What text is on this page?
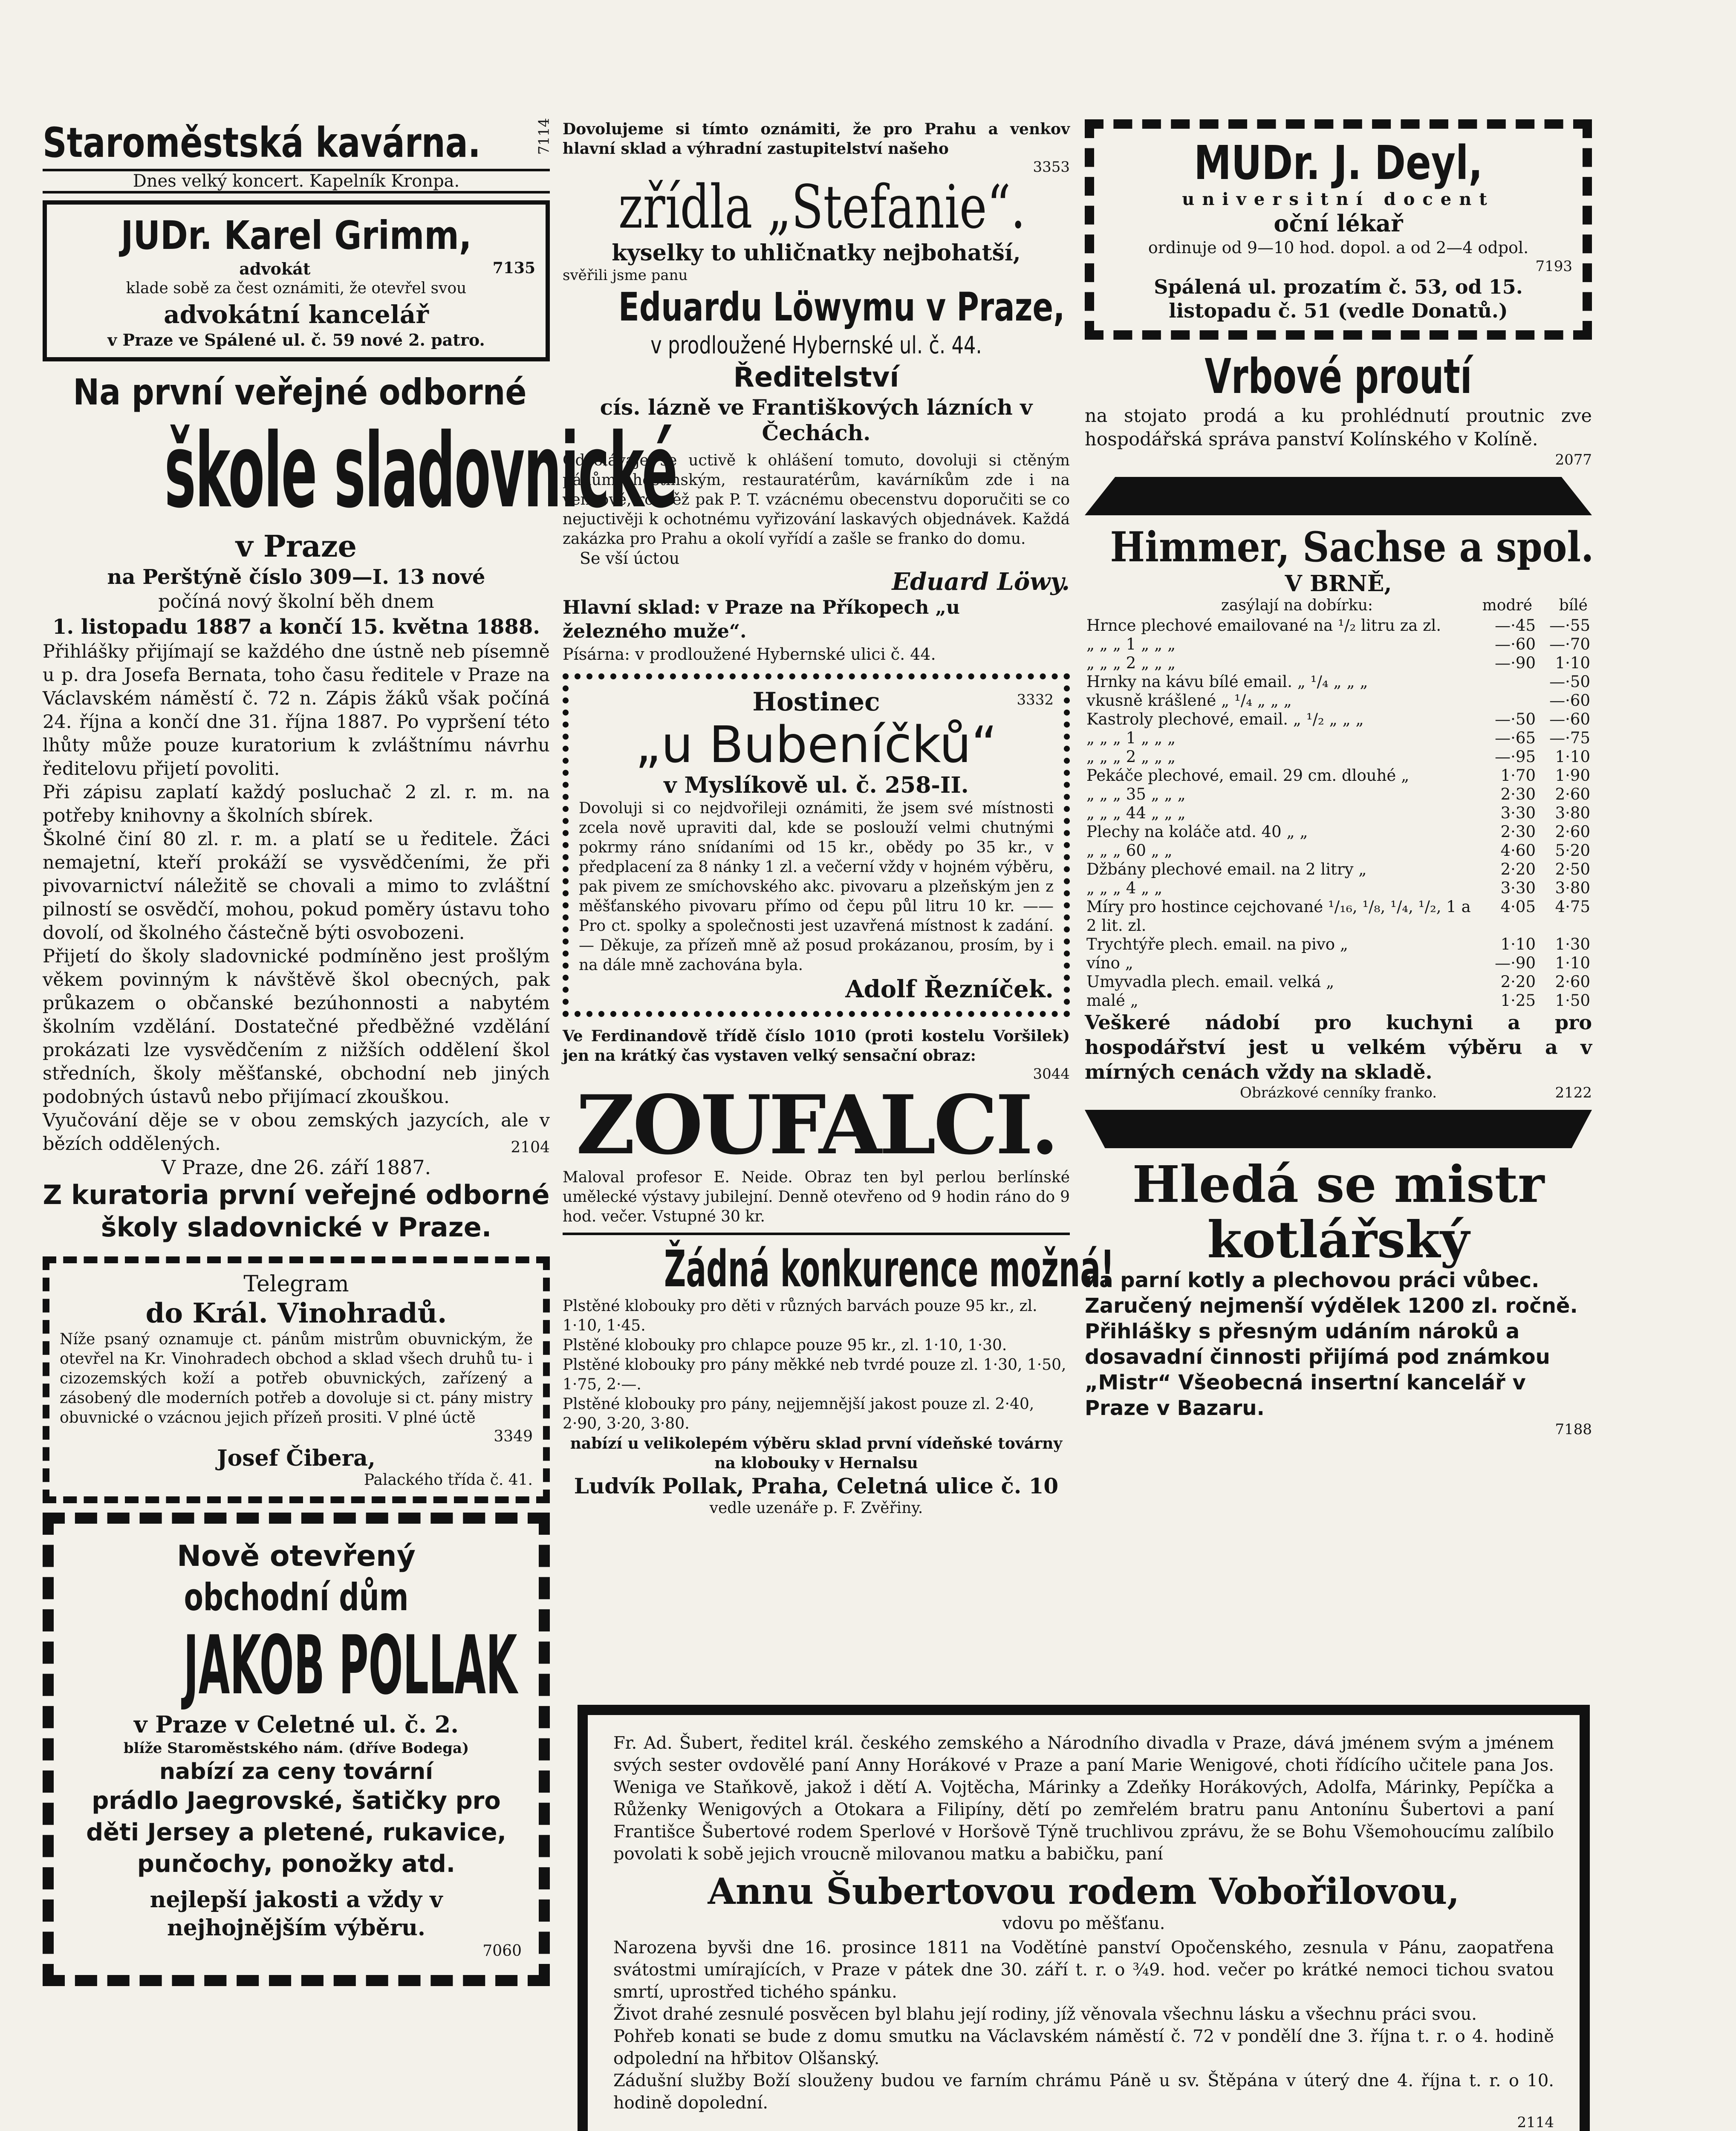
Staroměstská kavárna.	7114
Dnes velký koncert. Kapelník Kronpa.
JUDr. Karel Grimm,
advokát	7135
klade sobě za čest oznámiti, že otevřel svou
advokátní kancelář
v Praze ve Spálené ul. č. 59 nové 2. patro.
Na první veřejné odborné
škole sladovnické
v Praze
na Perštýně číslo 309—I. 13 nové
počíná nový školní běh dnem
1. listopadu 1887 a končí 15. května 1888.

Přihlášky přijímají se každého dne ústně neb písemně u p. dra Josefa Bernata, toho času ředitele v Praze na Václavském náměstí č. 72 n. Zápis žáků však počíná 24. října a končí dne 31. října 1887. Po vypršení této lhůty může pouze kuratorium k zvláštnímu návrhu ředitelovu přijetí povoliti.

Při zápisu zaplatí každý posluchač 2 zl. r. m. na potřeby knihovny a školních sbírek.

Školné činí 80 zl. r. m. a platí se u ředitele. Žáci nemajetní, kteří prokáží se vysvědčeními, že při pivovarnictví náležitě se chovali a mimo to zvláštní pilností se osvědčí, mohou, pokud poměry ústavu toho dovolí, od školného částečně býti osvobozeni.

Přijetí do školy sladovnické podmíněno jest prošlým věkem povinným k návštěvě škol obecných, pak průkazem o občanské bezúhonnosti a nabytém školním vzdělání. Dostatečné předběžné vzdělání prokázati lze vysvědčením z nižších oddělení škol středních, školy měšťanské, obchodní neb jiných podobných ústavů nebo přijímací zkouškou.

Vyučování děje se v obou zemských jazycích, ale v bězích oddělených.

V Praze, dne 26. září 1887.
2104
Z kuratoria první veřejné odborné školy sladovnické v Praze.
Telegram
do Král. Vinohradů.

Níže psaný oznamuje ct. pánům mistrům obuvnickým, že otevřel na Kr. Vinohradech obchod a sklad všech druhů tu- i cizozemských koží a potřeb obuvnických, zařízený a zásobený dle moderních potřeb a dovoluje si ct. pány mistry obuvnické o vzácnou jejich přízeň prositi. V plné úctě

3349
Josef Čibera,
Palackého třída č. 41.
Nově otevřený
obchodní dům
JAKOB POLLAK
v Praze v Celetné ul. č. 2.
blíže Staroměstského nám. (dříve Bodega)
nabízí za ceny tovární
prádlo Jaegrovské, šatičky pro děti Jersey a pletené, rukavice, punčochy, ponožky atd.
nejlepší jakosti a vždy v nejhojnějším výběru.
7060

Dovolujeme si tímto oznámiti, že pro Prahu a venkov hlavní sklad a výhradní zastupitelství našeho

3353
zřídla „Stefanie“.
kyselky to uhličnatky nejbohatší,
svěřili jsme panu
Eduardu Löwymu v Praze,
v prodloužené Hybernské ul. č. 44.
Ředitelství
cís. lázně ve Františkových lázních v Čechách.

Odvolávaje se uctivě k ohlášení tomuto, dovoluji si ctěným pánům hostinským, restauratérům, kavárníkům zde i na venkově, rovněž pak P. T. vzácnému obecenstvu doporučiti se co nejuctivěji k ochotnému vyřizování laskavých objednávek. Každá zakázka pro Prahu a okolí vyřídí a zašle se franko do domu.

Se vší úctou
Eduard Löwy.
Hlavní sklad: v Praze na Příkopech „u železného muže“.
Písárna: v prodloužené Hybernské ulici č. 44.
Hostinec	3332
„u Bubeníčků“
v Myslíkově ul. č. 258-II.

Dovoluji si co nejdvořileji oznámiti, že jsem své místnosti zcela nově upraviti dal, kde se poslouží velmi chutnými pokrmy ráno snídaními od 15 kr., obědy po 35 kr., v předplacení za 8 nánky 1 zl. a večerní vždy v hojném výběru, pak pivem ze smíchovského akc. pivovaru a plzeňským jen z měšťanského pivovaru přímo od čepu půl litru 10 kr. —— Pro ct. spolky a společnosti jest uzavřená místnost k zadání. — Děkuje, za přízeň mně až posud prokázanou, prosím, by i na dále mně zachována byla.

Adolf Řezníček.

Ve Ferdinandově třídě číslo 1010 (proti kostelu Voršilek) jen na krátký čas vystaven velký sensační obraz:

3044
ZOUFALCI.

Maloval profesor E. Neide. Obraz ten byl perlou berlínské umělecké výstavy jubilejní. Denně otevřeno od 9 hodin ráno do 9 hod. večer. Vstupné 30 kr.

Žádná konkurence možná!

Plstěné klobouky pro děti v různých barvách pouze 95 kr., zl. 1·10, 1·45.

Plstěné klobouky pro chlapce pouze 95 kr., zl. 1·10, 1·30.

Plstěné klobouky pro pány měkké neb tvrdé pouze zl. 1·30, 1·50, 1·75, 2·—.

Plstěné klobouky pro pány, nejjemnější jakost pouze zl. 2·40, 2·90, 3·20, 3·80.

nabízí u velikolepém výběru sklad první vídeňské továrny na klobouky v Hernalsu

Ludvík Pollak, Praha, Celetná ulice č. 10
vedle uzenáře p. F. Zvěřiny.
MUDr. J. Deyl,
universitní docent
oční lékař
ordinuje od 9—10 hod. dopol. a od 2—4 odpol.
7193
Spálená ul. prozatím č. 53, od 15. listopadu č. 51 (vedle Donatů.)
Vrbové proutí

na stojato prodá a ku prohlédnutí proutnic zve hospodářská správa panství Kolínského v Kolíně.

2077
Himmer, Sachse a spol.
V BRNĚ,
zasýlají na dobírku:	modré bílé
Hrnce plechové emailované na ¹/₂ litru za zl.	—·45	—·55
„ „ „ 1 „ „ „	—·60	—·70
„ „ „ 2 „ „ „	—·90	1·10
Hrnky na kávu bílé email. „ ¹/₄ „ „ „		—·50
vkusně krášlené „ ¹/₄ „ „ „		—·60
Kastroly plechové, email. „ ¹/₂ „ „ „	—·50	—·60
„ „ „ 1 „ „ „	—·65	—·75
„ „ „ 2 „ „ „	—·95	1·10
Pekáče plechové, email. 29 cm. dlouhé „	1·70	1·90
„ „ „ 35 „ „ „	2·30	2·60
„ „ „ 44 „ „ „	3·30	3·80
Plechy na koláče atd. 40 „ „	2·30	2·60
„ „ „ 60 „ „	4·60	5·20
Džbány plechové email. na 2 litry „	2·20	2·50
„ „ „ 4 „ „	3·30	3·80
Míry pro hostince cejchované ¹/₁₆, ¹/₈, ¹/₄, ¹/₂, 1 a 2 lit. zl.	4·05	4·75
Trychtýře plech. email. na pivo „	1·10	1·30
víno „	—·90	1·10
Umyvadla plech. email. velká „	2·20	2·60
malé „	1·25	1·50

Veškeré nádobí pro kuchyni a pro hospodářství jest u velkém výběru a v mírných cenách vždy na skladě.

Obrázkové cenníky franko.	2122
Hledá se mistr
kotlářský

na parní kotly a plechovou práci vůbec. Zaručený nejmenší výdělek 1200 zl. ročně. Přihlášky s přesným udáním nároků a dosavadní činnosti přijímá pod známkou „Mistr“ Všeobecná insertní kancelář v Praze v Bazaru.

7188

Fr. Ad. Šubert, ředitel král. českého zemského a Národního divadla v Praze, dává jménem svým a jménem svých sester ovdovělé paní Anny Horákové v Praze a paní Marie Wenigové, choti řídícího učitele pana Jos. Weniga ve Staňkově, jakož i dětí A. Vojtěcha, Márinky a Zdeňky Horákových, Adolfa, Márinky, Pepíčka a Růženky Wenigových a Otokara a Filipíny, dětí po zemřelém bratru panu Antonínu Šubertovi a paní Františce Šubertové rodem Sperlové v Horšově Týně truchlivou zprávu, že se Bohu Všemohoucímu zalíbilo povolati k sobě jejich vroucně milovanou matku a babičku, paní

Annu Šubertovou rodem Vobořilovou,
vdovu po měšťanu.

Narozena byvši dne 16. prosince 1811 na Vodětínė panství Opočenského, zesnula v Pánu, zaopatřena svátostmi umírajících, v Praze v pátek dne 30. září t. r. o ¾9. hod. večer po krátké nemoci tichou svatou smrtí, uprostřed tichého spánku.

Život drahé zesnulé posvěcen byl blahu její rodiny, jíž věnovala všechnu lásku a všechnu práci svou.

Pohřeb konati se bude z domu smutku na Václavském náměstí č. 72 v pondělí dne 3. října t. r. o 4. hodině odpolední na hřbitov Olšanský.

Zádušní služby Boží slouženy budou ve farním chrámu Páně u sv. Štěpána v úterý dne 4. října t. r. o 10. hodině dopolední.

2114
